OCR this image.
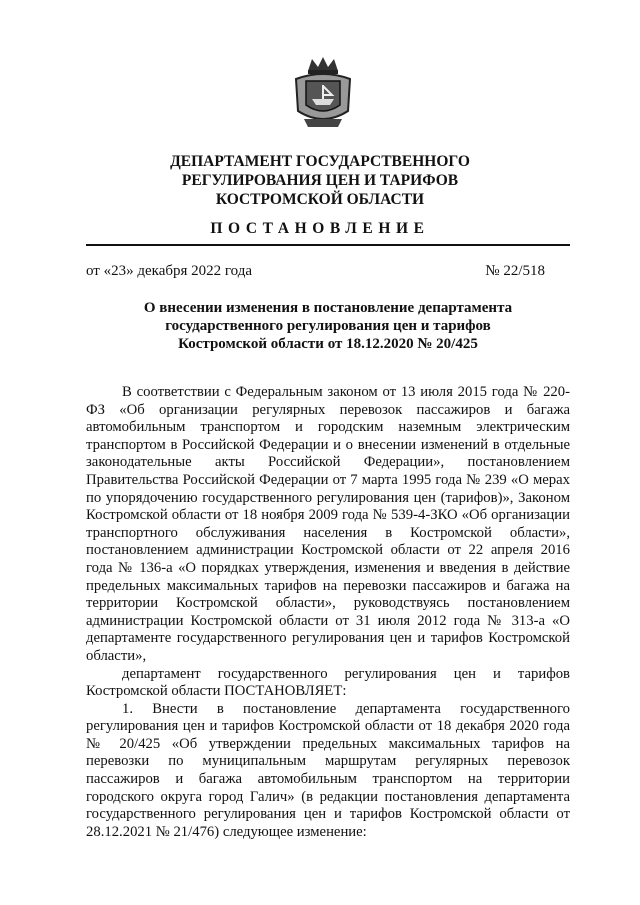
ДЕПАРТАМЕНТ ГОСУДАРСТВЕННОГО
РЕГУЛИРОВАНИЯ ЦЕН И ТАРИФОВ
КОСТРОМСКОЙ ОБЛАСТИ
ПОСТАНОВЛЕНИЕ
от «23» декабря 2022 года	№ 22/518
О внесении изменения в постановление департамента
государственного регулирования цен и тарифов
Костромской области от 18.12.2020 № 20/425

В соответствии с Федеральным законом от 13 июля 2015 года № 220-ФЗ «Об организации регулярных перевозок пассажиров и багажа автомобильным транспортом и городским наземным электрическим транспортом в Российской Федерации и о внесении изменений в отдельные законодательные акты Российской Федерации», постановлением Правительства Российской Федерации от 7 марта 1995 года № 239 «О мерах по упорядочению государственного регулирования цен (тарифов)», Законом Костромской области от 18 ноября 2009 года № 539-4-ЗКО «Об организации транспортного обслуживания населения в Костромской области», постановлением администрации Костромской области от 22 апреля 2016 года № 136-а «О порядках утверждения, изменения и введения в действие предельных максимальных тарифов на перевозки пассажиров и багажа на территории Костромской области», руководствуясь постановлением администрации Костромской области от 31 июля 2012 года № 313-а «О департаменте государственного регулирования цен и тарифов Костромской области»,

департамент государственного регулирования цен и тарифов Костромской области ПОСТАНОВЛЯЕТ:

1. Внести в постановление департамента государственного регулирования цен и тарифов Костромской области от 18 декабря 2020 года № 20/425 «Об утверждении предельных максимальных тарифов на перевозки по муниципальным маршрутам регулярных перевозок пассажиров и багажа автомобильным транспортом на территории городского округа город Галич» (в редакции постановления департамента государственного регулирования цен и тарифов Костромской области от 28.12.2021 № 21/476) следующее изменение:
